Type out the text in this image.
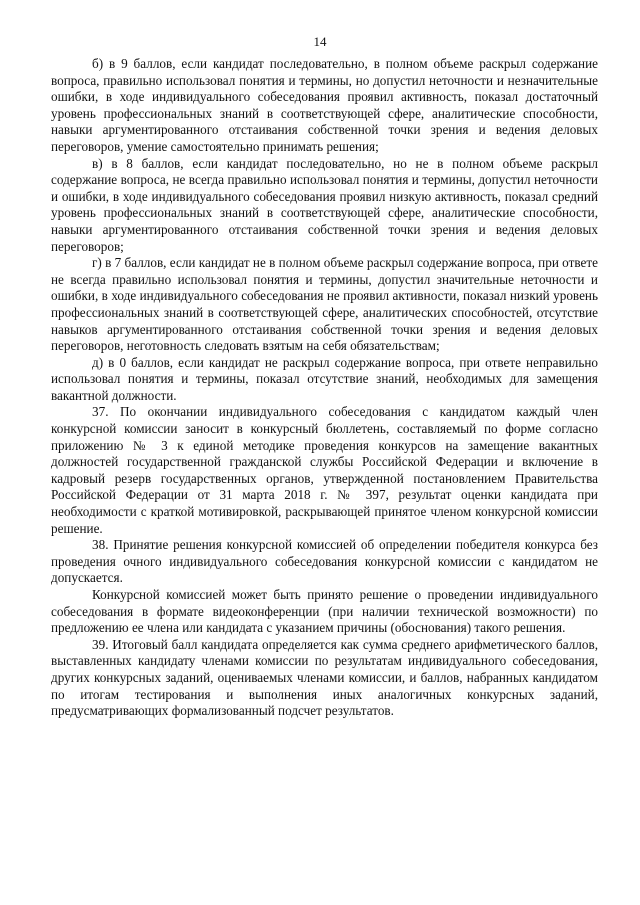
14

б) в 9 баллов, если кандидат последовательно, в полном объеме раскрыл содержание вопроса, правильно использовал понятия и термины, но допустил неточности и незначительные ошибки, в ходе индивидуального собеседования проявил активность, показал достаточный уровень профессиональных знаний в соответствующей сфере, аналитические способности, навыки аргументированного отстаивания собственной точки зрения и ведения деловых переговоров, умение самостоятельно принимать решения;

в) в 8 баллов, если кандидат последовательно, но не в полном объеме раскрыл содержание вопроса, не всегда правильно использовал понятия и термины, допустил неточности и ошибки, в ходе индивидуального собеседования проявил низкую активность, показал средний уровень профессиональных знаний в соответствующей сфере, аналитические способности, навыки аргументированного отстаивания собственной точки зрения и ведения деловых переговоров;

г) в 7 баллов, если кандидат не в полном объеме раскрыл содержание вопроса, при ответе не всегда правильно использовал понятия и термины, допустил значительные неточности и ошибки, в ходе индивидуального собеседования не проявил активности, показал низкий уровень профессиональных знаний в соответствующей сфере, аналитических способностей, отсутствие навыков аргументированного отстаивания собственной точки зрения и ведения деловых переговоров, неготовность следовать взятым на себя обязательствам;

д) в 0 баллов, если кандидат не раскрыл содержание вопроса, при ответе неправильно использовал понятия и термины, показал отсутствие знаний, необходимых для замещения вакантной должности.

37. По окончании индивидуального собеседования с кандидатом каждый член конкурсной комиссии заносит в конкурсный бюллетень, составляемый по форме согласно приложению № 3 к единой методике проведения конкурсов на замещение вакантных должностей государственной гражданской службы Российской Федерации и включение в кадровый резерв государственных органов, утвержденной постановлением Правительства Российской Федерации от 31 марта 2018 г. № 397, результат оценки кандидата при необходимости с краткой мотивировкой, раскрывающей принятое членом конкурсной комиссии решение.

38. Принятие решения конкурсной комиссией об определении победителя конкурса без проведения очного индивидуального собеседования конкурсной комиссии с кандидатом не допускается.

Конкурсной комиссией может быть принято решение о проведении индивидуального собеседования в формате видеоконференции (при наличии технической возможности) по предложению ее члена или кандидата с указанием причины (обоснования) такого решения.

39. Итоговый балл кандидата определяется как сумма среднего арифметического баллов, выставленных кандидату членами комиссии по результатам индивидуального собеседования, других конкурсных заданий, оцениваемых членами комиссии, и баллов, набранных кандидатом по итогам тестирования и выполнения иных аналогичных конкурсных заданий, предусматривающих формализованный подсчет результатов.
